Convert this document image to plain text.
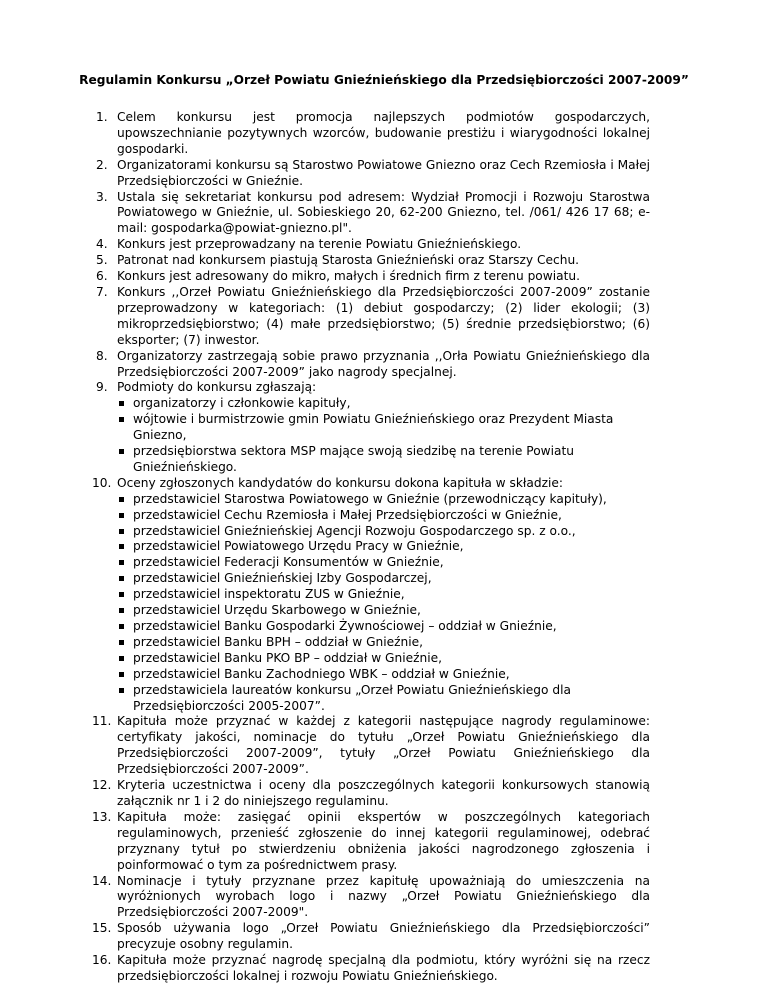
Regulamin Konkursu „Orzeł Powiatu Gnieźnieńskiego dla Przedsiębiorczości 2007-2009”
1. Celem konkursu jest promocja najlepszych podmiotów gospodarczych, upowszechnianie pozytywnych wzorców, budowanie prestiżu i wiarygodności lokalnej gospodarki.
2. Organizatorami konkursu są Starostwo Powiatowe Gniezno oraz Cech Rzemiosła i Małej Przedsiębiorczości w Gnieźnie.
3. Ustala się sekretariat konkursu pod adresem: Wydział Promocji i Rozwoju Starostwa Powiatowego w Gnieźnie, ul. Sobieskiego 20, 62-200 Gniezno, tel. /061/ 426 17 68; e-mail: gospodarka@powiat-gniezno.pl".
4. Konkurs jest przeprowadzany na terenie Powiatu Gnieźnieńskiego.
5. Patronat nad konkursem piastują Starosta Gnieźnieński oraz Starszy Cechu.
6. Konkurs jest adresowany do mikro, małych i średnich firm z terenu powiatu.
7. Konkurs ,,Orzeł Powiatu Gnieźnieńskiego dla Przedsiębiorczości 2007-2009” zostanie przeprowadzony w kategoriach: (1) debiut gospodarczy; (2) lider ekologii; (3) mikroprzedsiębiorstwo; (4) małe przedsiębiorstwo; (5) średnie przedsiębiorstwo; (6) eksporter; (7) inwestor.
8. Organizatorzy zastrzegają sobie prawo przyznania ,,Orła Powiatu Gnieźnieńskiego dla Przedsiębiorczości 2007-2009” jako nagrody specjalnej.
9. Podmioty do konkursu zgłaszają:
organizatorzy i członkowie kapituły,
wójtowie i burmistrzowie gmin Powiatu Gnieźnieńskiego oraz Prezydent Miasta Gniezno,
przedsiębiorstwa sektora MSP mające swoją siedzibę na terenie Powiatu Gnieźnieńskiego.
10. Oceny zgłoszonych kandydatów do konkursu dokona kapituła w składzie:
przedstawiciel Starostwa Powiatowego w Gnieźnie (przewodniczący kapituły),
przedstawiciel Cechu Rzemiosła i Małej Przedsiębiorczości w Gnieźnie,
przedstawiciel Gnieźnieńskiej Agencji Rozwoju Gospodarczego sp. z o.o.,
przedstawiciel Powiatowego Urzędu Pracy w Gnieźnie,
przedstawiciel Federacji Konsumentów w Gnieźnie,
przedstawiciel Gnieźnieńskiej Izby Gospodarczej,
przedstawiciel inspektoratu ZUS w Gnieźnie,
przedstawiciel Urzędu Skarbowego w Gnieźnie,
przedstawiciel Banku Gospodarki Żywnościowej – oddział w Gnieźnie,
przedstawiciel Banku BPH – oddział w Gnieźnie,
przedstawiciel Banku PKO BP – oddział w Gnieźnie,
przedstawiciel Banku Zachodniego WBK – oddział w Gnieźnie,
przedstawiciela laureatów konkursu „Orzeł Powiatu Gnieźnieńskiego dla Przedsiębiorczości 2005-2007”.
11. Kapituła może przyznać w każdej z kategorii następujące nagrody regulaminowe: certyfikaty jakości, nominacje do tytułu „Orzeł Powiatu Gnieźnieńskiego dla Przedsiębiorczości 2007-2009”, tytuły „Orzeł Powiatu Gnieźnieńskiego dla Przedsiębiorczości 2007-2009”.
12. Kryteria uczestnictwa i oceny dla poszczególnych kategorii konkursowych stanowią załącznik nr 1 i 2 do niniejszego regulaminu.
13. Kapituła może: zasięgać opinii ekspertów w poszczególnych kategoriach regulaminowych, przenieść zgłoszenie do innej kategorii regulaminowej, odebrać przyznany tytuł po stwierdzeniu obniżenia jakości nagrodzonego zgłoszenia i poinformować o tym za pośrednictwem prasy.
14. Nominacje i tytuły przyznane przez kapitułę upoważniają do umieszczenia na wyróżnionych wyrobach logo i nazwy „Orzeł Powiatu Gnieźnieńskiego dla Przedsiębiorczości 2007-2009".
15. Sposób używania logo „Orzeł Powiatu Gnieźnieńskiego dla Przedsiębiorczości” precyzuje osobny regulamin.
16. Kapituła może przyznać nagrodę specjalną dla podmiotu, który wyróżni się na rzecz przedsiębiorczości lokalnej i rozwoju Powiatu Gnieźnieńskiego.
